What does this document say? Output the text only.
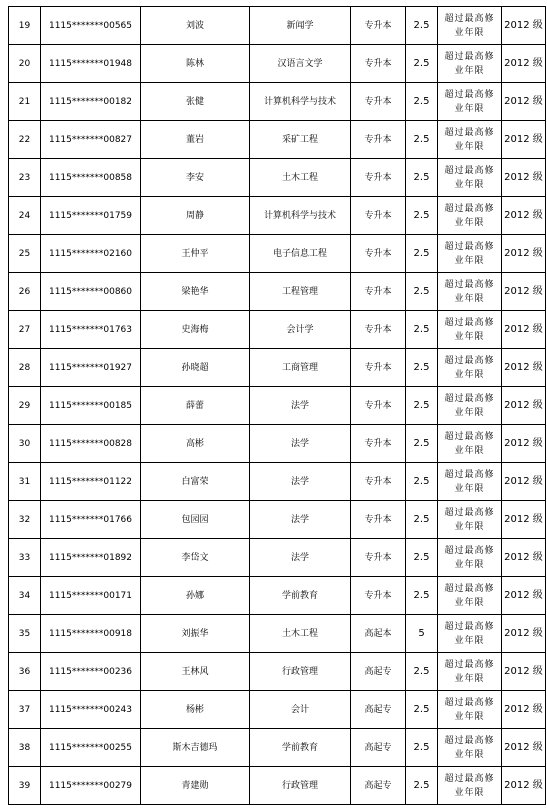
19	1115*******00565	刘波	新闻学	专升本	2.5	超过最高修业年限	2012 级
20	1115*******01948	陈林	汉语言文学	专升本	2.5	超过最高修业年限	2012 级
21	1115*******00182	张健	计算机科学与技术	专升本	2.5	超过最高修业年限	2012 级
22	1115*******00827	董岩	采矿工程	专升本	2.5	超过最高修业年限	2012 级
23	1115*******00858	李安	土木工程	专升本	2.5	超过最高修业年限	2012 级
24	1115*******01759	周静	计算机科学与技术	专升本	2.5	超过最高修业年限	2012 级
25	1115*******02160	王仲平	电子信息工程	专升本	2.5	超过最高修业年限	2012 级
26	1115*******00860	梁艳华	工程管理	专升本	2.5	超过最高修业年限	2012 级
27	1115*******01763	史海梅	会计学	专升本	2.5	超过最高修业年限	2012 级
28	1115*******01927	孙晓超	工商管理	专升本	2.5	超过最高修业年限	2012 级
29	1115*******00185	薛蕾	法学	专升本	2.5	超过最高修业年限	2012 级
30	1115*******00828	高彬	法学	专升本	2.5	超过最高修业年限	2012 级
31	1115*******01122	白富荣	法学	专升本	2.5	超过最高修业年限	2012 级
32	1115*******01766	包园园	法学	专升本	2.5	超过最高修业年限	2012 级
33	1115*******01892	李岱文	法学	专升本	2.5	超过最高修业年限	2012 级
34	1115*******00171	孙娜	学前教育	专升本	2.5	超过最高修业年限	2012 级
35	1115*******00918	刘振华	土木工程	高起本	5	超过最高修业年限	2012 级
36	1115*******00236	王林风	行政管理	高起专	2.5	超过最高修业年限	2012 级
37	1115*******00243	杨彬	会计	高起专	2.5	超过最高修业年限	2012 级
38	1115*******00255	斯木吉德玛	学前教育	高起专	2.5	超过最高修业年限	2012 级
39	1115*******00279	青建勋	行政管理	高起专	2.5	超过最高修业年限	2012 级
